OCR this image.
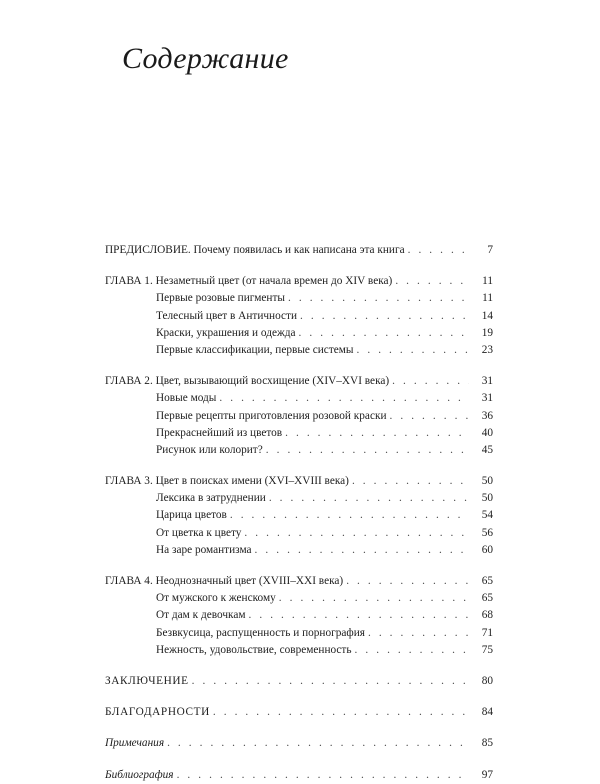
Содержание
ПРЕДИСЛОВИЕ. Почему появилась и как написана эта книга . . .	7
ГЛАВА 1. Незаметный цвет (от начала времен до XIV века) . . .	11
Первые розовые пигменты . . .	11
Телесный цвет в Античности . . .	14
Краски, украшения и одежда . . .	19
Первые классификации, первые системы . . .	23
ГЛАВА 2. Цвет, вызывающий восхищение (XIV–XVI века) . . .	31
Новые моды . . .	31
Первые рецепты приготовления розовой краски . . .	36
Прекраснейший из цветов . . .	40
Рисунок или колорит? . . .	45
ГЛАВА 3. Цвет в поисках имени (XVI–XVIII века) . . .	50
Лексика в затруднении . . .	50
Царица цветов . . .	54
От цветка к цвету . . .	56
На заре романтизма . . .	60
ГЛАВА 4. Неоднозначный цвет (XVIII–XXI века) . . .	65
От мужского к женскому . . .	65
От дам к девочкам . . .	68
Безвкусица, распущенность и порнография . . .	71
Нежность, удовольствие, современность . . .	75
ЗАКЛЮЧЕНИЕ . . .	80
БЛАГОДАРНОСТИ . . .	84
Примечания . . .	85
Библиография . . .	97
